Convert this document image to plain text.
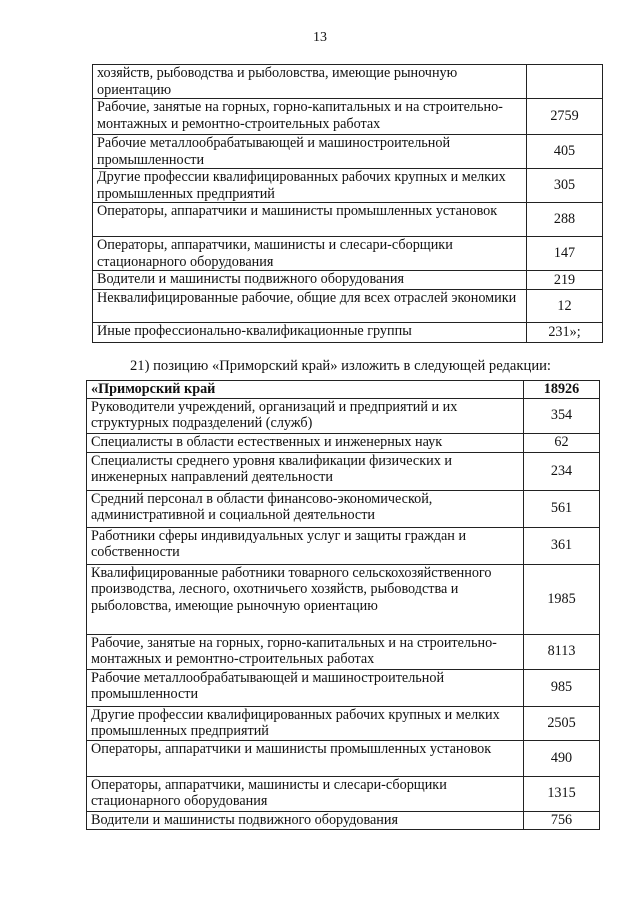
13
хозяйств, рыбоводства и рыболовства, имеющие рыночную ориентацию	
Рабочие, занятые на горных, горно-капитальных и на строительно-монтажных и ремонтно-строительных работах	2759
Рабочие металлообрабатывающей и машиностроительной промышленности	405
Другие профессии квалифицированных рабочих крупных и мелких промышленных предприятий	305
Операторы, аппаратчики и машинисты промышленных установок	288
Операторы, аппаратчики, машинисты и слесари-сборщики стационарного оборудования	147
Водители и машинисты подвижного оборудования	219
Неквалифицированные рабочие, общие для всех отраслей экономики	12
Иные профессионально-квалификационные группы	231»;
21) позицию «Приморский край» изложить в следующей редакции:
«Приморский край	18926
Руководители учреждений, организаций и предприятий и их структурных подразделений (служб)	354
Специалисты в области естественных и инженерных наук	62
Специалисты среднего уровня квалификации физических и инженерных направлений деятельности	234
Средний персонал в области финансово-экономической, административной и социальной деятельности	561
Работники сферы индивидуальных услуг и защиты граждан и собственности	361
Квалифицированные работники товарного сельскохозяйственного производства, лесного, охотничьего хозяйств, рыбоводства и рыболовства, имеющие рыночную ориентацию	1985
Рабочие, занятые на горных, горно-капитальных и на строительно-монтажных и ремонтно-строительных работах	8113
Рабочие металлообрабатывающей и машиностроительной промышленности	985
Другие профессии квалифицированных рабочих крупных и мелких промышленных предприятий	2505
Операторы, аппаратчики и машинисты промышленных установок	490
Операторы, аппаратчики, машинисты и слесари-сборщики стационарного оборудования	1315
Водители и машинисты подвижного оборудования	756
